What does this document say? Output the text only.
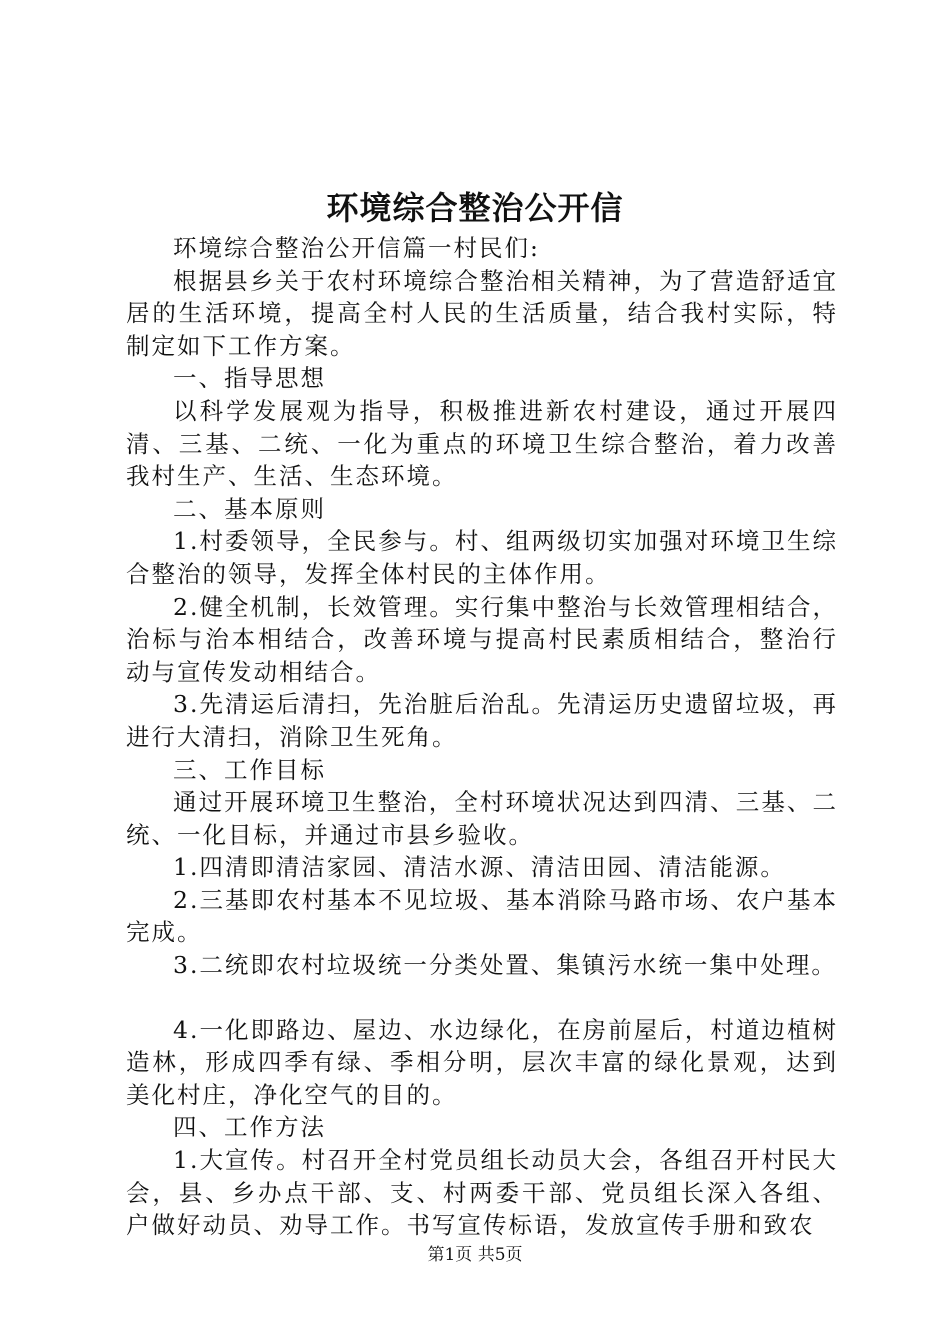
环境综合整治公开信

环境综合整治公开信篇一村民们:

根据县乡关于农村环境综合整治相关精神，为了营造舒适宜居的生活环境，提高全村人民的生活质量，结合我村实际，特制定如下工作方案。

一、指导思想

以科学发展观为指导，积极推进新农村建设，通过开展四清、三基、二统、一化为重点的环境卫生综合整治，着力改善我村生产、生活、生态环境。

二、基本原则

1.村委领导，全民参与。村、组两级切实加强对环境卫生综合整治的领导，发挥全体村民的主体作用。

2.健全机制，长效管理。实行集中整治与长效管理相结合，治标与治本相结合，改善环境与提高村民素质相结合，整治行动与宣传发动相结合。

3.先清运后清扫，先治脏后治乱。先清运历史遗留垃圾，再进行大清扫，消除卫生死角。

三、工作目标

通过开展环境卫生整治，全村环境状况达到四清、三基、二统、一化目标，并通过市县乡验收。

1.四清即清洁家园、清洁水源、清洁田园、清洁能源。

2.三基即农村基本不见垃圾、基本消除马路市场、农户基本完成。

3.二统即农村垃圾统一分类处置、集镇污水统一集中处理。

4.一化即路边、屋边、水边绿化，在房前屋后，村道边植树造林，形成四季有绿、季相分明，层次丰富的绿化景观，达到美化村庄，净化空气的目的。

四、工作方法

1.大宣传。村召开全村党员组长动员大会，各组召开村民大会，县、乡办点干部、支、村两委干部、党员组长深入各组、户做好动员、劝导工作。书写宣传标语，发放宣传手册和致农

第1页 共5页
